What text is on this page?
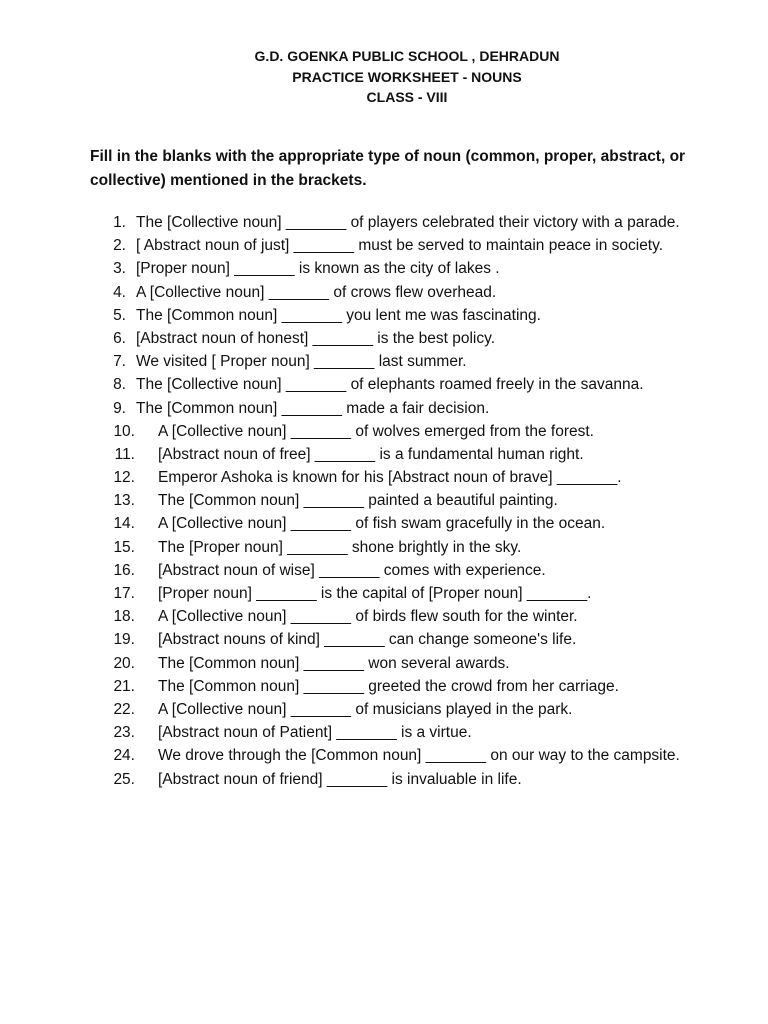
G.D. GOENKA PUBLIC SCHOOL , DEHRADUN
PRACTICE WORKSHEET - NOUNS
CLASS - VIII
Fill in the blanks with the appropriate type of noun (common, proper, abstract, or collective) mentioned in the brackets.
1. The [Collective noun] _______ of players celebrated their victory with a parade.
2. [ Abstract noun of just] _______ must be served to maintain peace in society.
3. [Proper noun] _______ is known as the city of lakes .
4. A [Collective noun] _______ of crows flew overhead.
5. The [Common noun] _______ you lent me was fascinating.
6. [Abstract noun of honest] _______ is the best policy.
7. We visited [ Proper noun] _______ last summer.
8. The [Collective noun] _______ of elephants roamed freely in the savanna.
9. The [Common noun] _______ made a fair decision.
10. A [Collective noun] _______ of wolves emerged from the forest.
11. [Abstract noun of free] _______ is a fundamental human right.
12. Emperor Ashoka is known for his [Abstract noun of brave] _______.
13. The [Common noun] _______ painted a beautiful painting.
14. A [Collective noun] _______ of fish swam gracefully in the ocean.
15. The [Proper noun] _______ shone brightly in the sky.
16. [Abstract noun of wise] _______ comes with experience.
17. [Proper noun] _______ is the capital of [Proper noun] _______.
18. A [Collective noun] _______ of birds flew south for the winter.
19. [Abstract nouns of kind] _______ can change someone's life.
20. The [Common noun] _______ won several awards.
21. The [Common noun] _______ greeted the crowd from her carriage.
22. A [Collective noun] _______ of musicians played in the park.
23. [Abstract noun of Patient] _______ is a virtue.
24. We drove through the [Common noun] _______ on our way to the campsite.
25. [Abstract noun of friend] _______ is invaluable in life.
